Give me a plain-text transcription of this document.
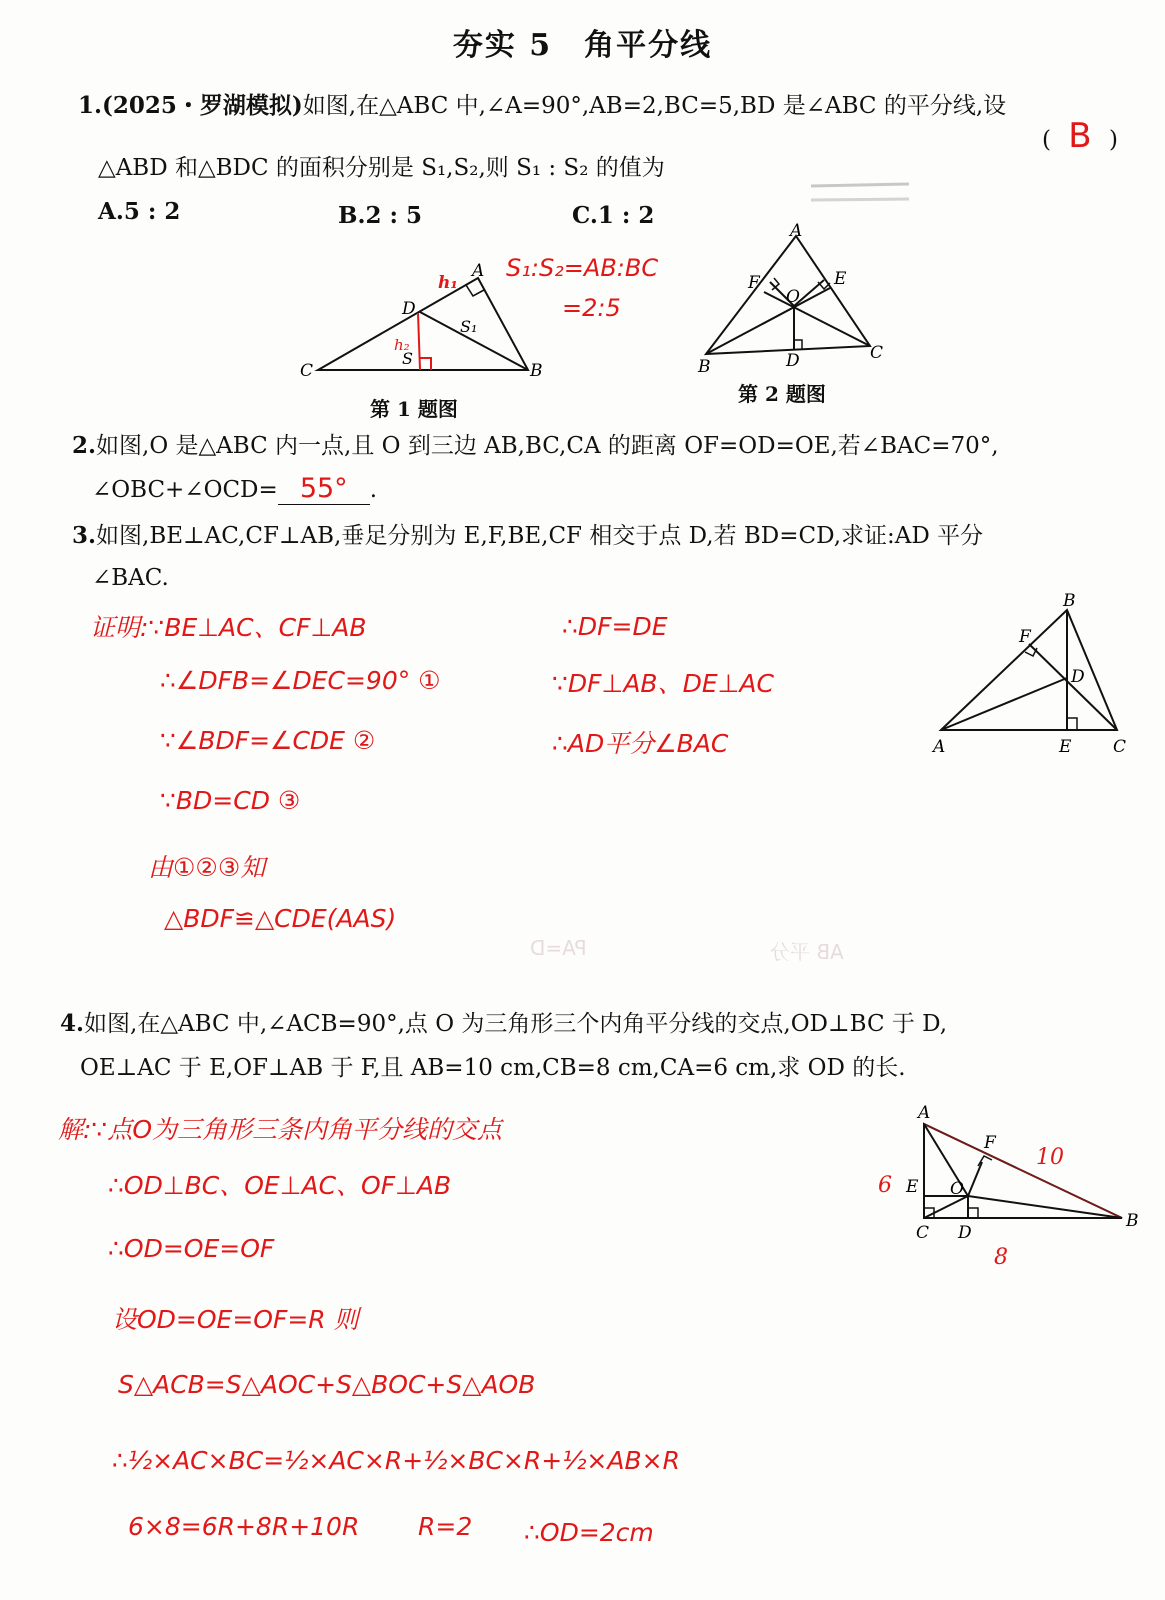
夯实 5　角平分线
1.(2025・罗湖模拟)如图,在△ABC 中,∠A=90°,AB=2,BC=5,BD 是∠ABC 的平分线,设
( B )
△ABD 和△BDC 的面积分别是 S₁,S₂,则 S₁ : S₂ 的值为
A.5 : 2	B.2 : 5	C.1 : 2
A
B
C
D
S₁
S
h₁
h₂
第 1 题图
S₁:S₂=AB:BC
=2:5
A
B
C
D
E
F
O
第 2 题图
2.如图,O 是△ABC 内一点,且 O 到三边 AB,BC,CA 的距离 OF=OD=OE,若∠BAC=70°,
∠OBC+∠OCD= 55° .
3.如图,BE⊥AC,CF⊥AB,垂足分别为 E,F,BE,CF 相交于点 D,若 BD=CD,求证:AD 平分
∠BAC.
证明:∵BE⊥AC、CF⊥AB
∴∠DFB=∠DEC=90° ①
∵∠BDF=∠CDE ②
∵BD=CD ③
由①②③知
△BDF≌△CDE(AAS)
∴DF=DE
∵DF⊥AB、DE⊥AC
∴AD平分∠BAC	A
B
C
D
E
F
PA=D	AB 平分
4.如图,在△ABC 中,∠ACB=90°,点 O 为三角形三个内角平分线的交点,OD⊥BC 于 D,
OE⊥AC 于 E,OF⊥AB 于 F,且 AB=10 cm,CB=8 cm,CA=6 cm,求 OD 的长.
解:∵点O为三角形三条内角平分线的交点
∴OD⊥BC、OE⊥AC、OF⊥AB
∴OD=OE=OF
设OD=OE=OF=R 则
S△ACB=S△AOC+S△BOC+S△AOB
∴½×AC×BC=½×AC×R+½×BC×R+½×AB×R
6×8=6R+8R+10R R=2 ∴OD=2cm
A
B
C D
E
F
O
6
10
8
